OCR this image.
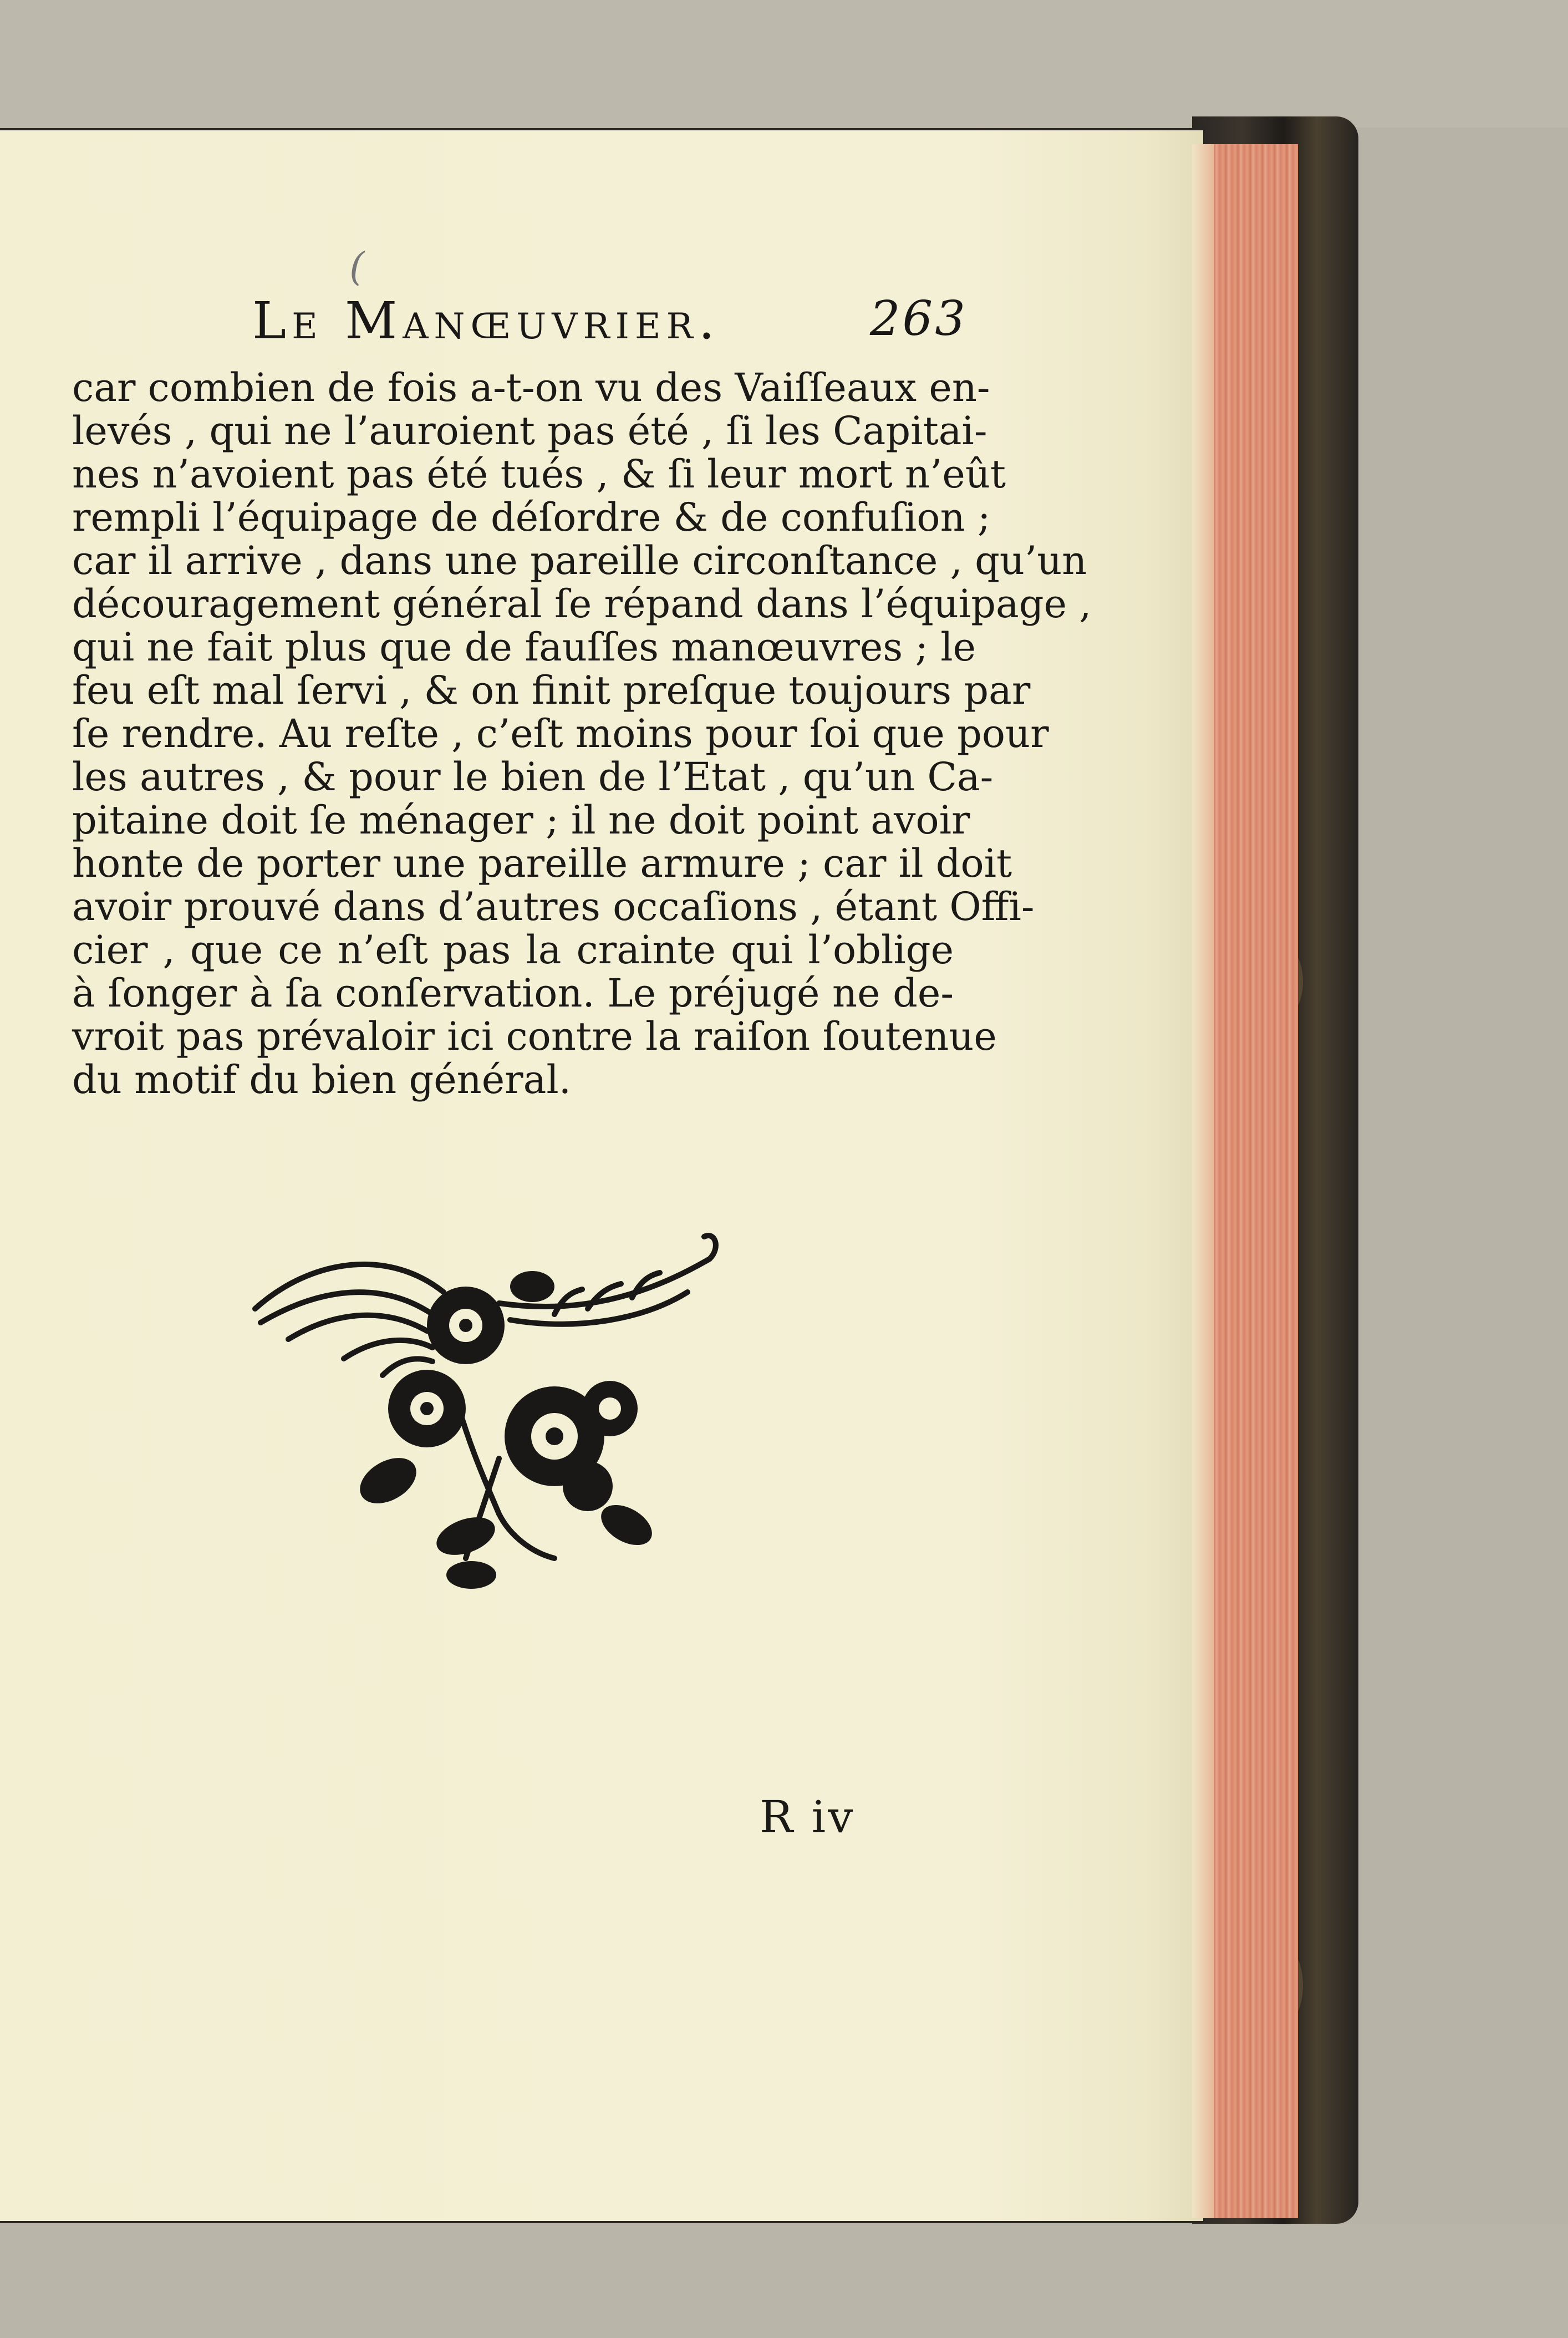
(
Le Manœuvrier.	263
car combien de fois a-t-on vu des Vaiſſeaux en-
levés , qui ne l’auroient pas été , ſi les Capitai-
nes n’avoient pas été tués , & ſi leur mort n’eût
rempli l’équipage de déſordre & de confuſion ;
car il arrive , dans une pareille circonſtance , qu’un
découragement général ſe répand dans l’équipage ,
qui ne fait plus que de fauſſes manœuvres ; le
feu eſt mal ſervi , & on finit preſque toujours par
ſe rendre. Au reſte , c’eſt moins pour ſoi que pour
les autres , & pour le bien de l’Etat , qu’un Ca-
pitaine doit ſe ménager ; il ne doit point avoir
honte de porter une pareille armure ; car il doit
avoir prouvé dans d’autres occaſions , étant Offi-
cier , que ce n’eſt pas la crainte qui l’oblige
à ſonger à ſa conſervation. Le préjugé ne de-
vroit pas prévaloir ici contre la raiſon ſoutenue
du motif du bien général.
R iv
